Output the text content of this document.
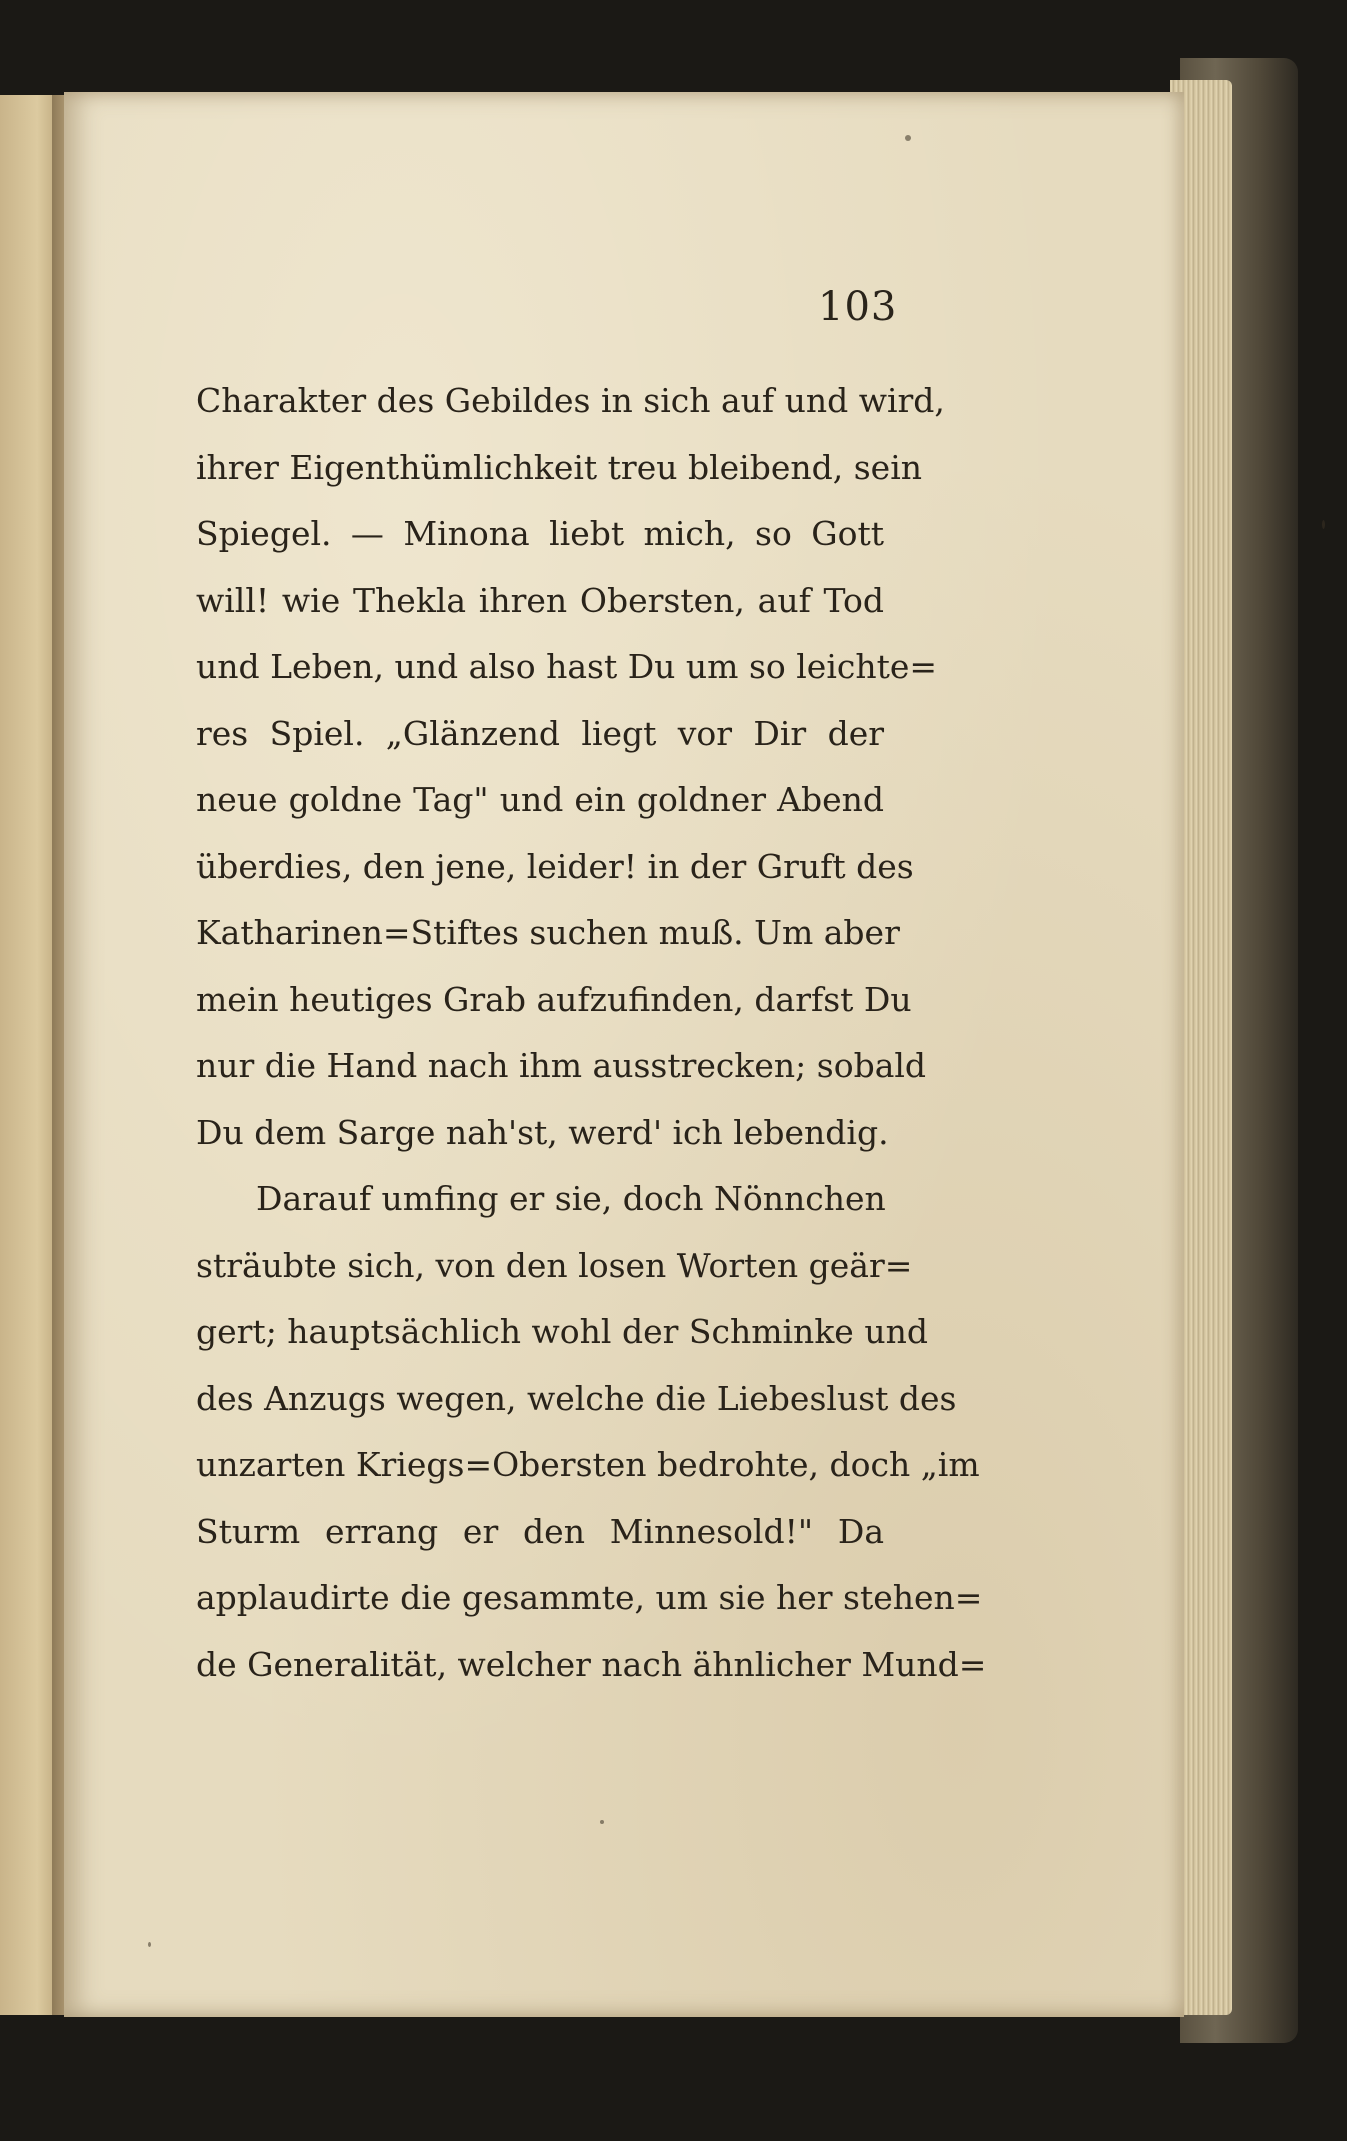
103
Charakter des Gebildes in sich auf und wird,
ihrer Eigenthümlichkeit treu bleibend, sein
Spiegel. — Minona liebt mich, so Gott
will! wie Thekla ihren Obersten, auf Tod
und Leben, und also hast Du um so leichte=
res Spiel. „Glänzend liegt vor Dir der
neue goldne Tag" und ein goldner Abend
überdies, den jene, leider! in der Gruft des
Katharinen=Stiftes suchen muß. Um aber
mein heutiges Grab aufzufinden, darfst Du
nur die Hand nach ihm ausstrecken; sobald
Du dem Sarge nah'st, werd' ich lebendig.
Darauf umfing er sie, doch Nönnchen
sträubte sich, von den losen Worten geär=
gert; hauptsächlich wohl der Schminke und
des Anzugs wegen, welche die Liebeslust des
unzarten Kriegs=Obersten bedrohte, doch „im
Sturm errang er den Minnesold!" Da
applaudirte die gesammte, um sie her stehen=
de Generalität, welcher nach ähnlicher Mund=
